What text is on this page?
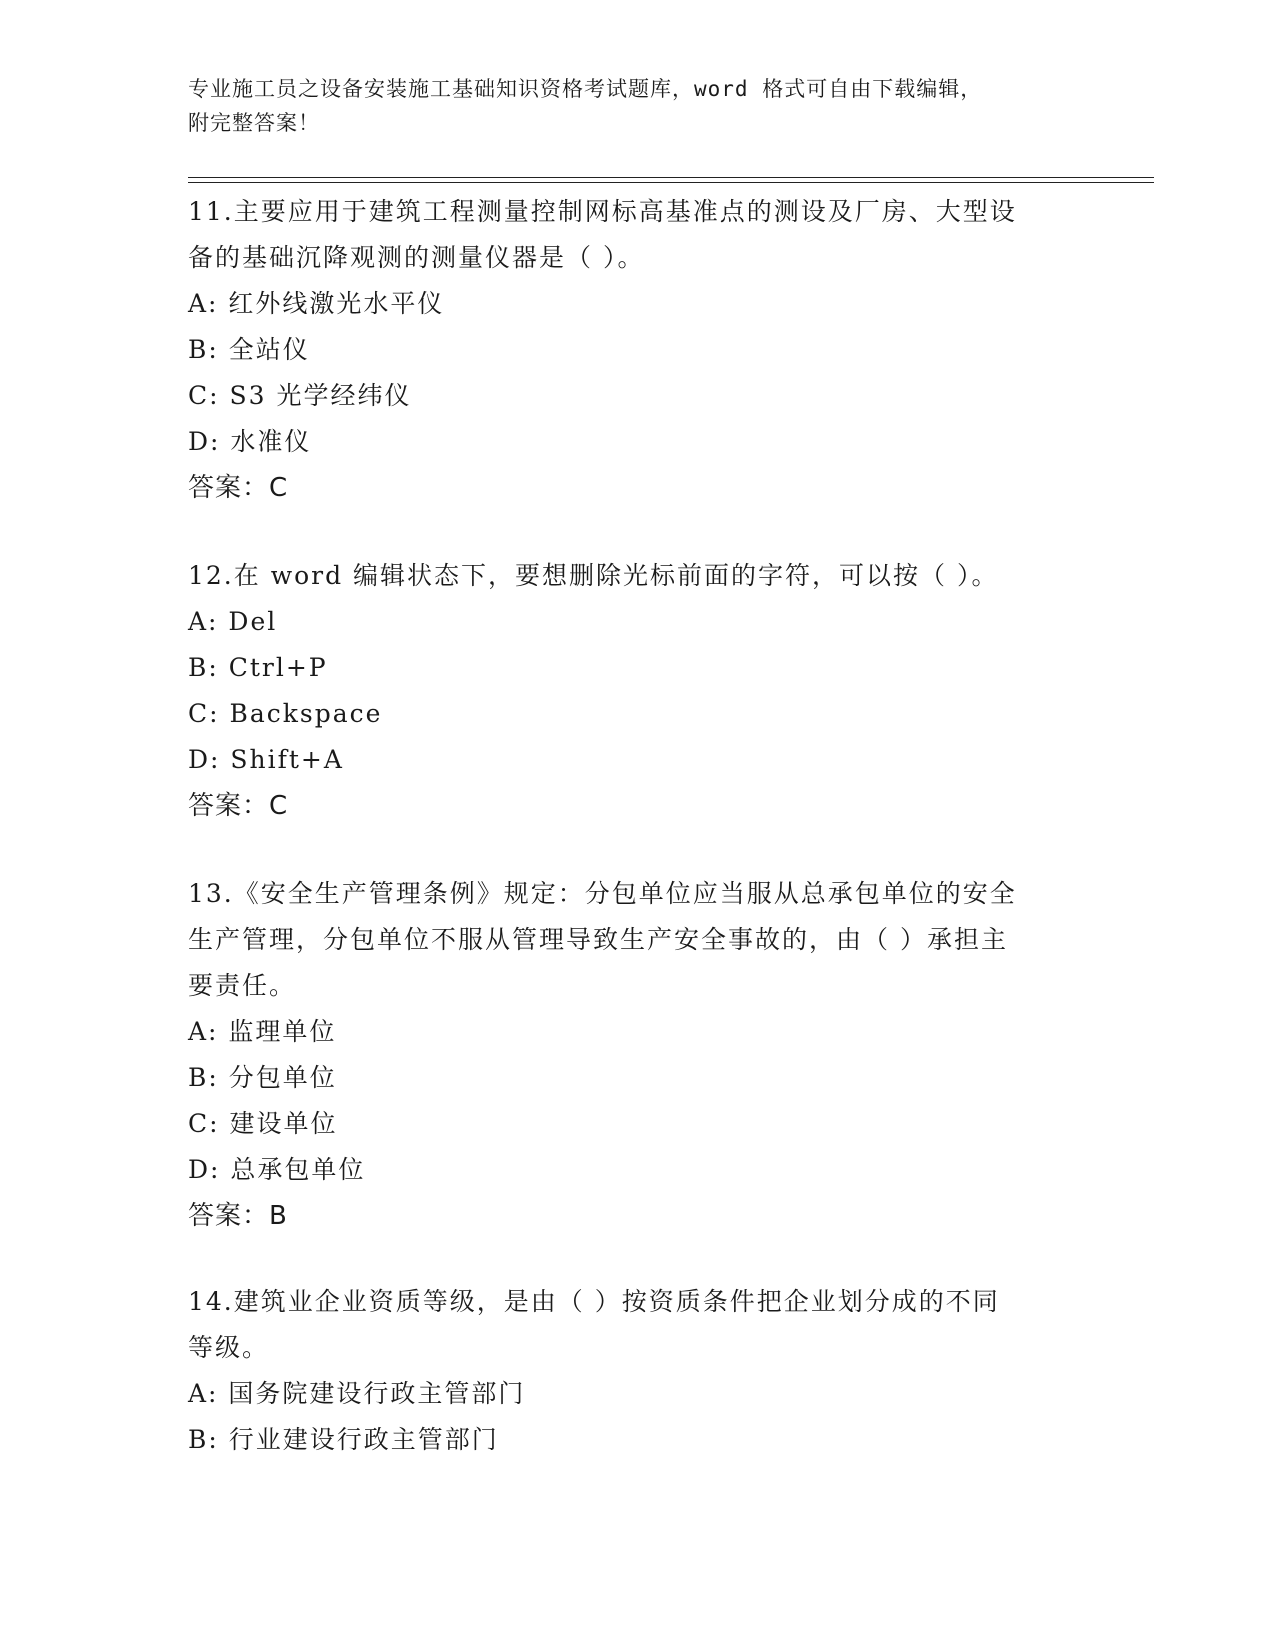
专业施工员之设备安装施工基础知识资格考试题库，word 格式可自由下载编辑，
附完整答案！
11.主要应用于建筑工程测量控制网标高基准点的测设及厂房、大型设
备的基础沉降观测的测量仪器是（ ）。
A: 红外线激光水平仪
B: 全站仪
C: S3 光学经纬仪
D: 水准仪
答案：C
12.在 word 编辑状态下，要想删除光标前面的字符，可以按（ ）。
A: Del
B: Ctrl+P
C: Backspace
D: Shift+A
答案：C
13.《安全生产管理条例》规定：分包单位应当服从总承包单位的安全
生产管理，分包单位不服从管理导致生产安全事故的，由（ ）承担主
要责任。
A: 监理单位
B: 分包单位
C: 建设单位
D: 总承包单位
答案：B
14.建筑业企业资质等级，是由（ ）按资质条件把企业划分成的不同
等级。
A: 国务院建设行政主管部门
B: 行业建设行政主管部门
